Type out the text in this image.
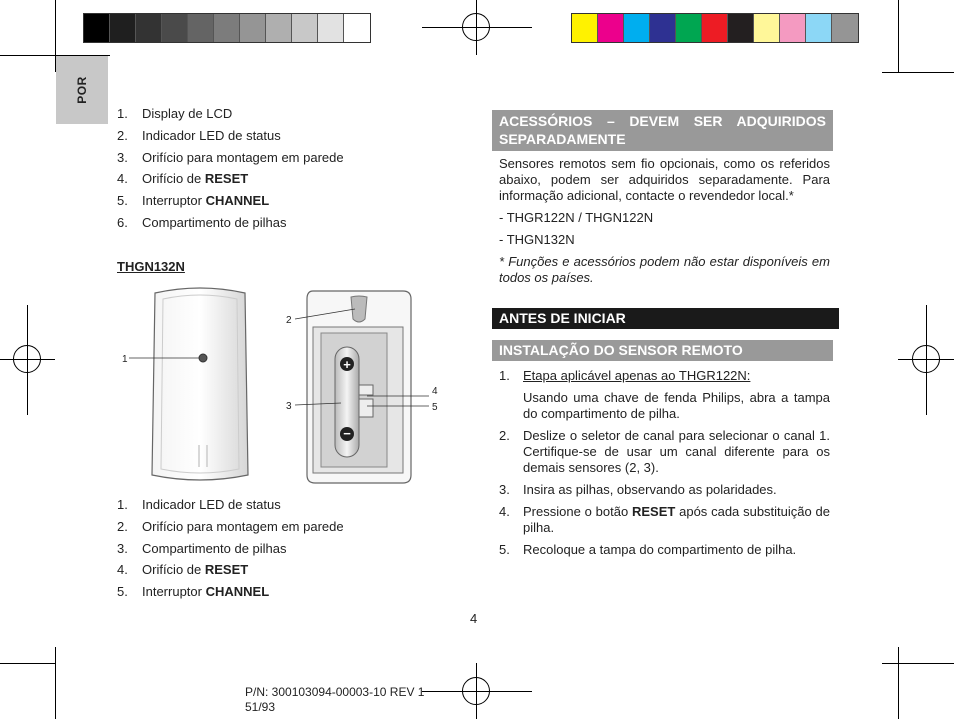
POR
1.	Display de LCD
2.	Indicador LED de status
3.	Orifício para montagem em parede
4.	Orifício de RESET
5.	Interruptor CHANNEL
6.	Compartimento de pilhas
THGN132N
+
−
1
2
3
4
5
1.	Indicador LED de status
2.	Orifício para montagem em parede
3.	Compartimento de pilhas
4.	Orifício de RESET
5.	Interruptor CHANNEL
ACESSÓRIOS – DEVEM SER ADQUIRIDOS SEPARADAMENTE
Sensores remotos sem fio opcionais, como os referidos abaixo, podem ser adquiridos separadamente. Para informação adicional, contacte o revendedor local.*
- THGR122N / THGN122N
- THGN132N
* Funções e acessórios podem não estar disponíveis em todos os países.
ANTES DE INICIAR
INSTALAÇÃO DO SENSOR REMOTO
1. Etapa aplicável apenas ao THGR122N:
Usando uma chave de fenda Philips, abra a tampa do compartimento de pilha.
2. Deslize o seletor de canal para selecionar o canal 1. Certifique-se de usar um canal diferente para os demais sensores (2, 3).
3. Insira as pilhas, observando as polaridades.
4. Pressione o botão RESET após cada substituição de pilha.
5. Recoloque a tampa do compartimento de pilha.
4
P/N: 300103094-00003-10 REV 1
51/93
